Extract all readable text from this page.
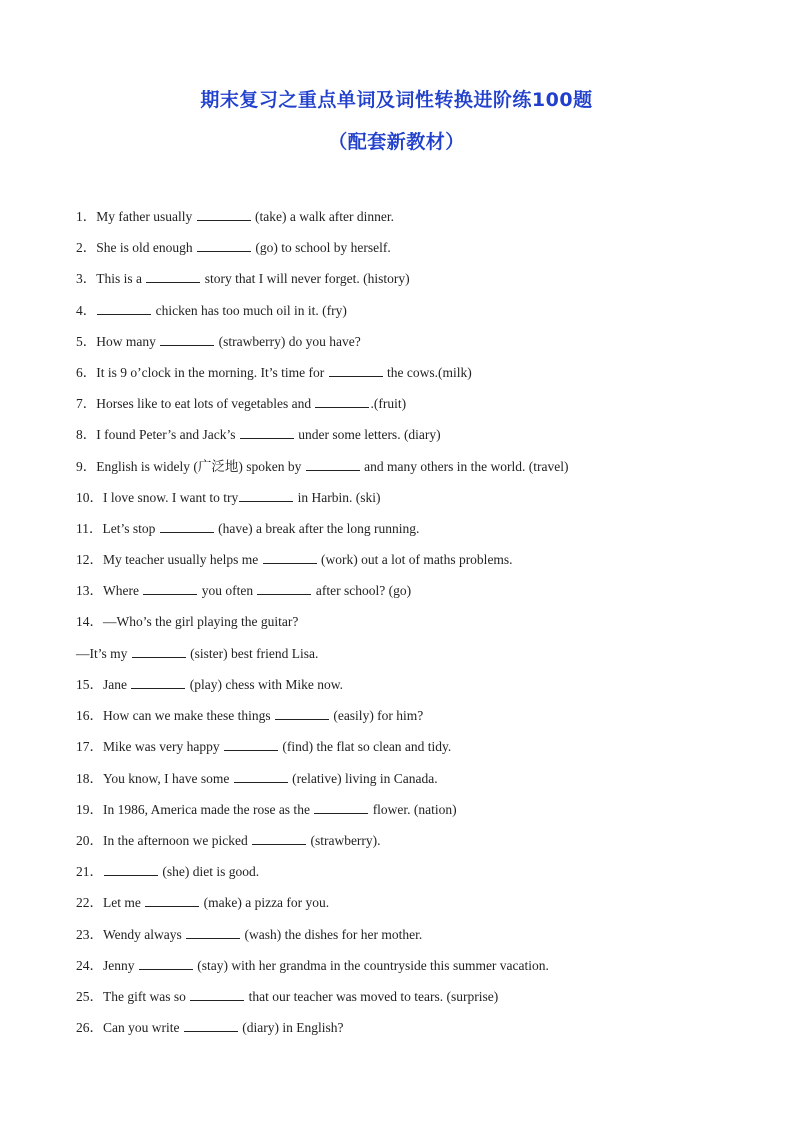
期末复习之重点单词及词性转换进阶练100题
（配套新教材）
1．My father usually	(take) a walk after dinner.
2．She is old enough	(go) to school by herself.
3．This is a	story that I will never forget. (history)
4．	chicken has too much oil in it. (fry)
5．How many	(strawberry) do you have?
6．It is 9 o’clock in the morning. It’s time for	the cows.(milk)
7．Horses like to eat lots of vegetables and	.(fruit)
8．I found Peter’s and Jack’s	under some letters. (diary)
9．English is widely (广泛地) spoken by	and many others in the world. (travel)
10．I love snow. I want to try	in Harbin. (ski)
11．Let’s stop	(have) a break after the long running.
12．My teacher usually helps me	(work) out a lot of maths problems.
13．Where	you often	after school? (go)
14．—Who’s the girl playing the guitar?
—It’s my	(sister) best friend Lisa.
15．Jane	(play) chess with Mike now.
16．How can we make these things	(easily) for him?
17．Mike was very happy	(find) the flat so clean and tidy.
18．You know, I have some	(relative) living in Canada.
19．In 1986, America made the rose as the	flower. (nation)
20．In the afternoon we picked	(strawberry).
21．	(she) diet is good.
22．Let me	(make) a pizza for you.
23．Wendy always	(wash) the dishes for her mother.
24．Jenny	(stay) with her grandma in the countryside this summer vacation.
25．The gift was so	that our teacher was moved to tears. (surprise)
26．Can you write	(diary) in English?
